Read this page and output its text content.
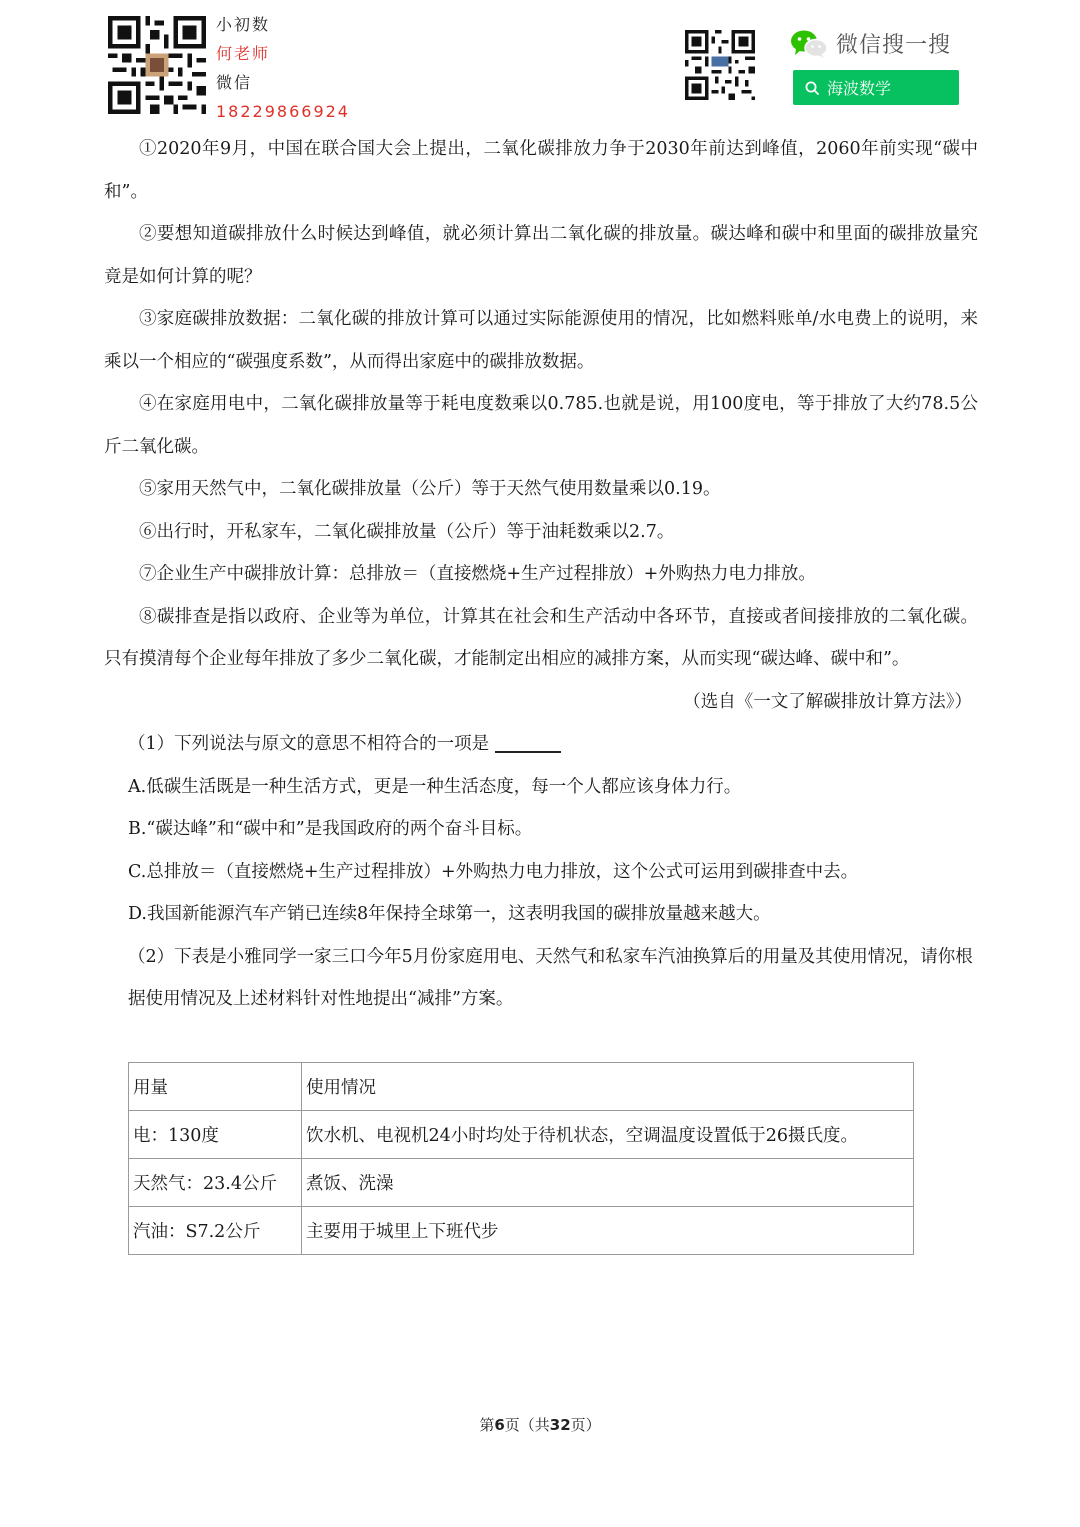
小初数
何老师
微信
18229866924
微信搜一搜
海波数学

①2020年9月，中国在联合国大会上提出，二氧化碳排放力争于2030年前达到峰值，2060年前实现“碳中和”。

②要想知道碳排放什么时候达到峰值，就必须计算出二氧化碳的排放量。碳达峰和碳中和里面的碳排放量究竟是如何计算的呢？

③家庭碳排放数据：二氧化碳的排放计算可以通过实际能源使用的情况，比如燃料账单/水电费上的说明，来乘以一个相应的“碳强度系数”，从而得出家庭中的碳排放数据。

④在家庭用电中，二氧化碳排放量等于耗电度数乘以0.785.也就是说，用100度电，等于排放了大约78.5公斤二氧化碳。

⑤家用天然气中，二氧化碳排放量（公斤）等于天然气使用数量乘以0.19。

⑥出行时，开私家车，二氧化碳排放量（公斤）等于油耗数乘以2.7。

⑦企业生产中碳排放计算：总排放＝（直接燃烧+生产过程排放）+外购热力电力排放。

⑧碳排查是指以政府、企业等为单位，计算其在社会和生产活动中各环节，直接或者间接排放的二氧化碳。只有摸清每个企业每年排放了多少二氧化碳，才能制定出相应的减排方案，从而实现“碳达峰、碳中和”。

（选自《一文了解碳排放计算方法》）

（1）下列说法与原文的意思不相符合的一项是

A.低碳生活既是一种生活方式，更是一种生活态度，每一个人都应该身体力行。

B.“碳达峰”和“碳中和”是我国政府的两个奋斗目标。

C.总排放＝（直接燃烧+生产过程排放）+外购热力电力排放，这个公式可运用到碳排查中去。

D.我国新能源汽车产销已连续8年保持全球第一，这表明我国的碳排放量越来越大。

（2）下表是小雅同学一家三口今年5月份家庭用电、天然气和私家车汽油换算后的用量及其使用情况，请你根据使用情况及上述材料针对性地提出“减排”方案。

用量	使用情况
电：130度	饮水机、电视机24小时均处于待机状态，空调温度设置低于26摄氏度。
天然气：23.4公斤	煮饭、洗澡
汽油：S7.2公斤	主要用于城里上下班代步
第6页（共32页）
